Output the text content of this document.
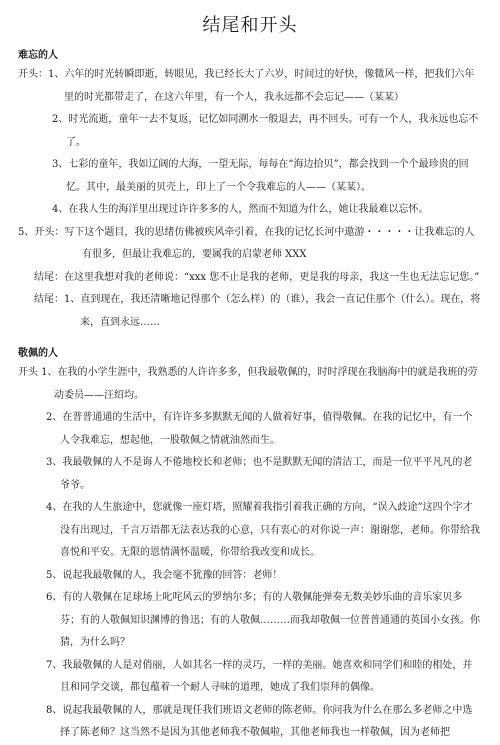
结尾和开头
难忘的人

开头：1、六年的时光转瞬即逝，转眼见，我已经长大了六岁，时间过的好快，像微风一样，把我们六年里的时光都带走了，在这六年里，有一个人，我永远都不会忘记——（某某）

2、时光流逝，童年一去不复返，记忆如同溯水一般退去，再不回头。可有一个人，我永远也忘不了。

3、七彩的童年，我如辽阔的大海，一望无际，每每在“海边拾贝”，都会找到一个个最珍贵的回忆。其中，最美丽的贝壳上，印上了一个令我难忘的人——（某某）。

4、在我人生的海洋里出现过许许多多的人，然而不知道为什么，她让我最难以忘怀。

5、开头：写下这个题目，我的思绪仿佛被疾风牵引着，在我的记忆长河中遨游・・・・・让我难忘的人有很多，但最让我难忘的，要属我的启蒙老师 XXX

结尾：在这里我想对我的老师说：“xxx 您不止是我的老师，更是我的母亲，我这一生也无法忘记您。”

结尾：1、直到现在，我还清晰地记得那个（怎么样）的（谁），我会一直记住那个（什么）。现在，将来，直到永远……

敬佩的人

开头 1、在我的小学生涯中，我熟悉的人许许多多，但我最敬佩的，时时浮现在我脑海中的就是我班的劳动委员——汪绍均。

2、在普普通通的生活中，有许许多多默默无闻的人做着好事，值得敬佩。在我的记忆中，有一个人令我难忘，想起他，一股敬佩之情就油然而生。

3、我最敬佩的人不是诲人不倦地校长和老师；也不是默默无闻的清洁工，而是一位平平凡凡的老爷爷。

4、在我的人生旅途中，您就像一座灯塔，照耀着我指引着我正确的方向，“误入歧途”这四个字才没有出现过，千言万语都无法表达我的心意，只有衷心的对你说一声：谢谢您，老师。你带给我喜悦和平安。无限的恩情满怀温暖，你带给我改变和成长。

5、说起我最敬佩的人，我会毫不犹豫的回答：老师！

6、有的人敬佩在足球场上叱咤风云的罗纳尔多；有的人敬佩能弹奏无数美妙乐曲的音乐家贝多芬；有的人敬佩知识渊博的鲁迅；有的人敬佩………而我却敬佩一位普普通通的英国小女孩。你猜，为什么吗？

7、我最敬佩的人是对俏丽，人如其名一样的灵巧，一样的美丽。她喜欢和同学们和睦的相处，并且和同学交谈，都包蕴着一个耐人寻味的道理，她成了我们崇拜的偶像。

8、说起我最敬佩的人，那就是现任我们班语文老师的陈老师。你问我为什么在那么多老师之中选择了陈老师？这当然不是因为其他老师我不敬佩啦，其他老师我也一样敬佩，因为老师把
